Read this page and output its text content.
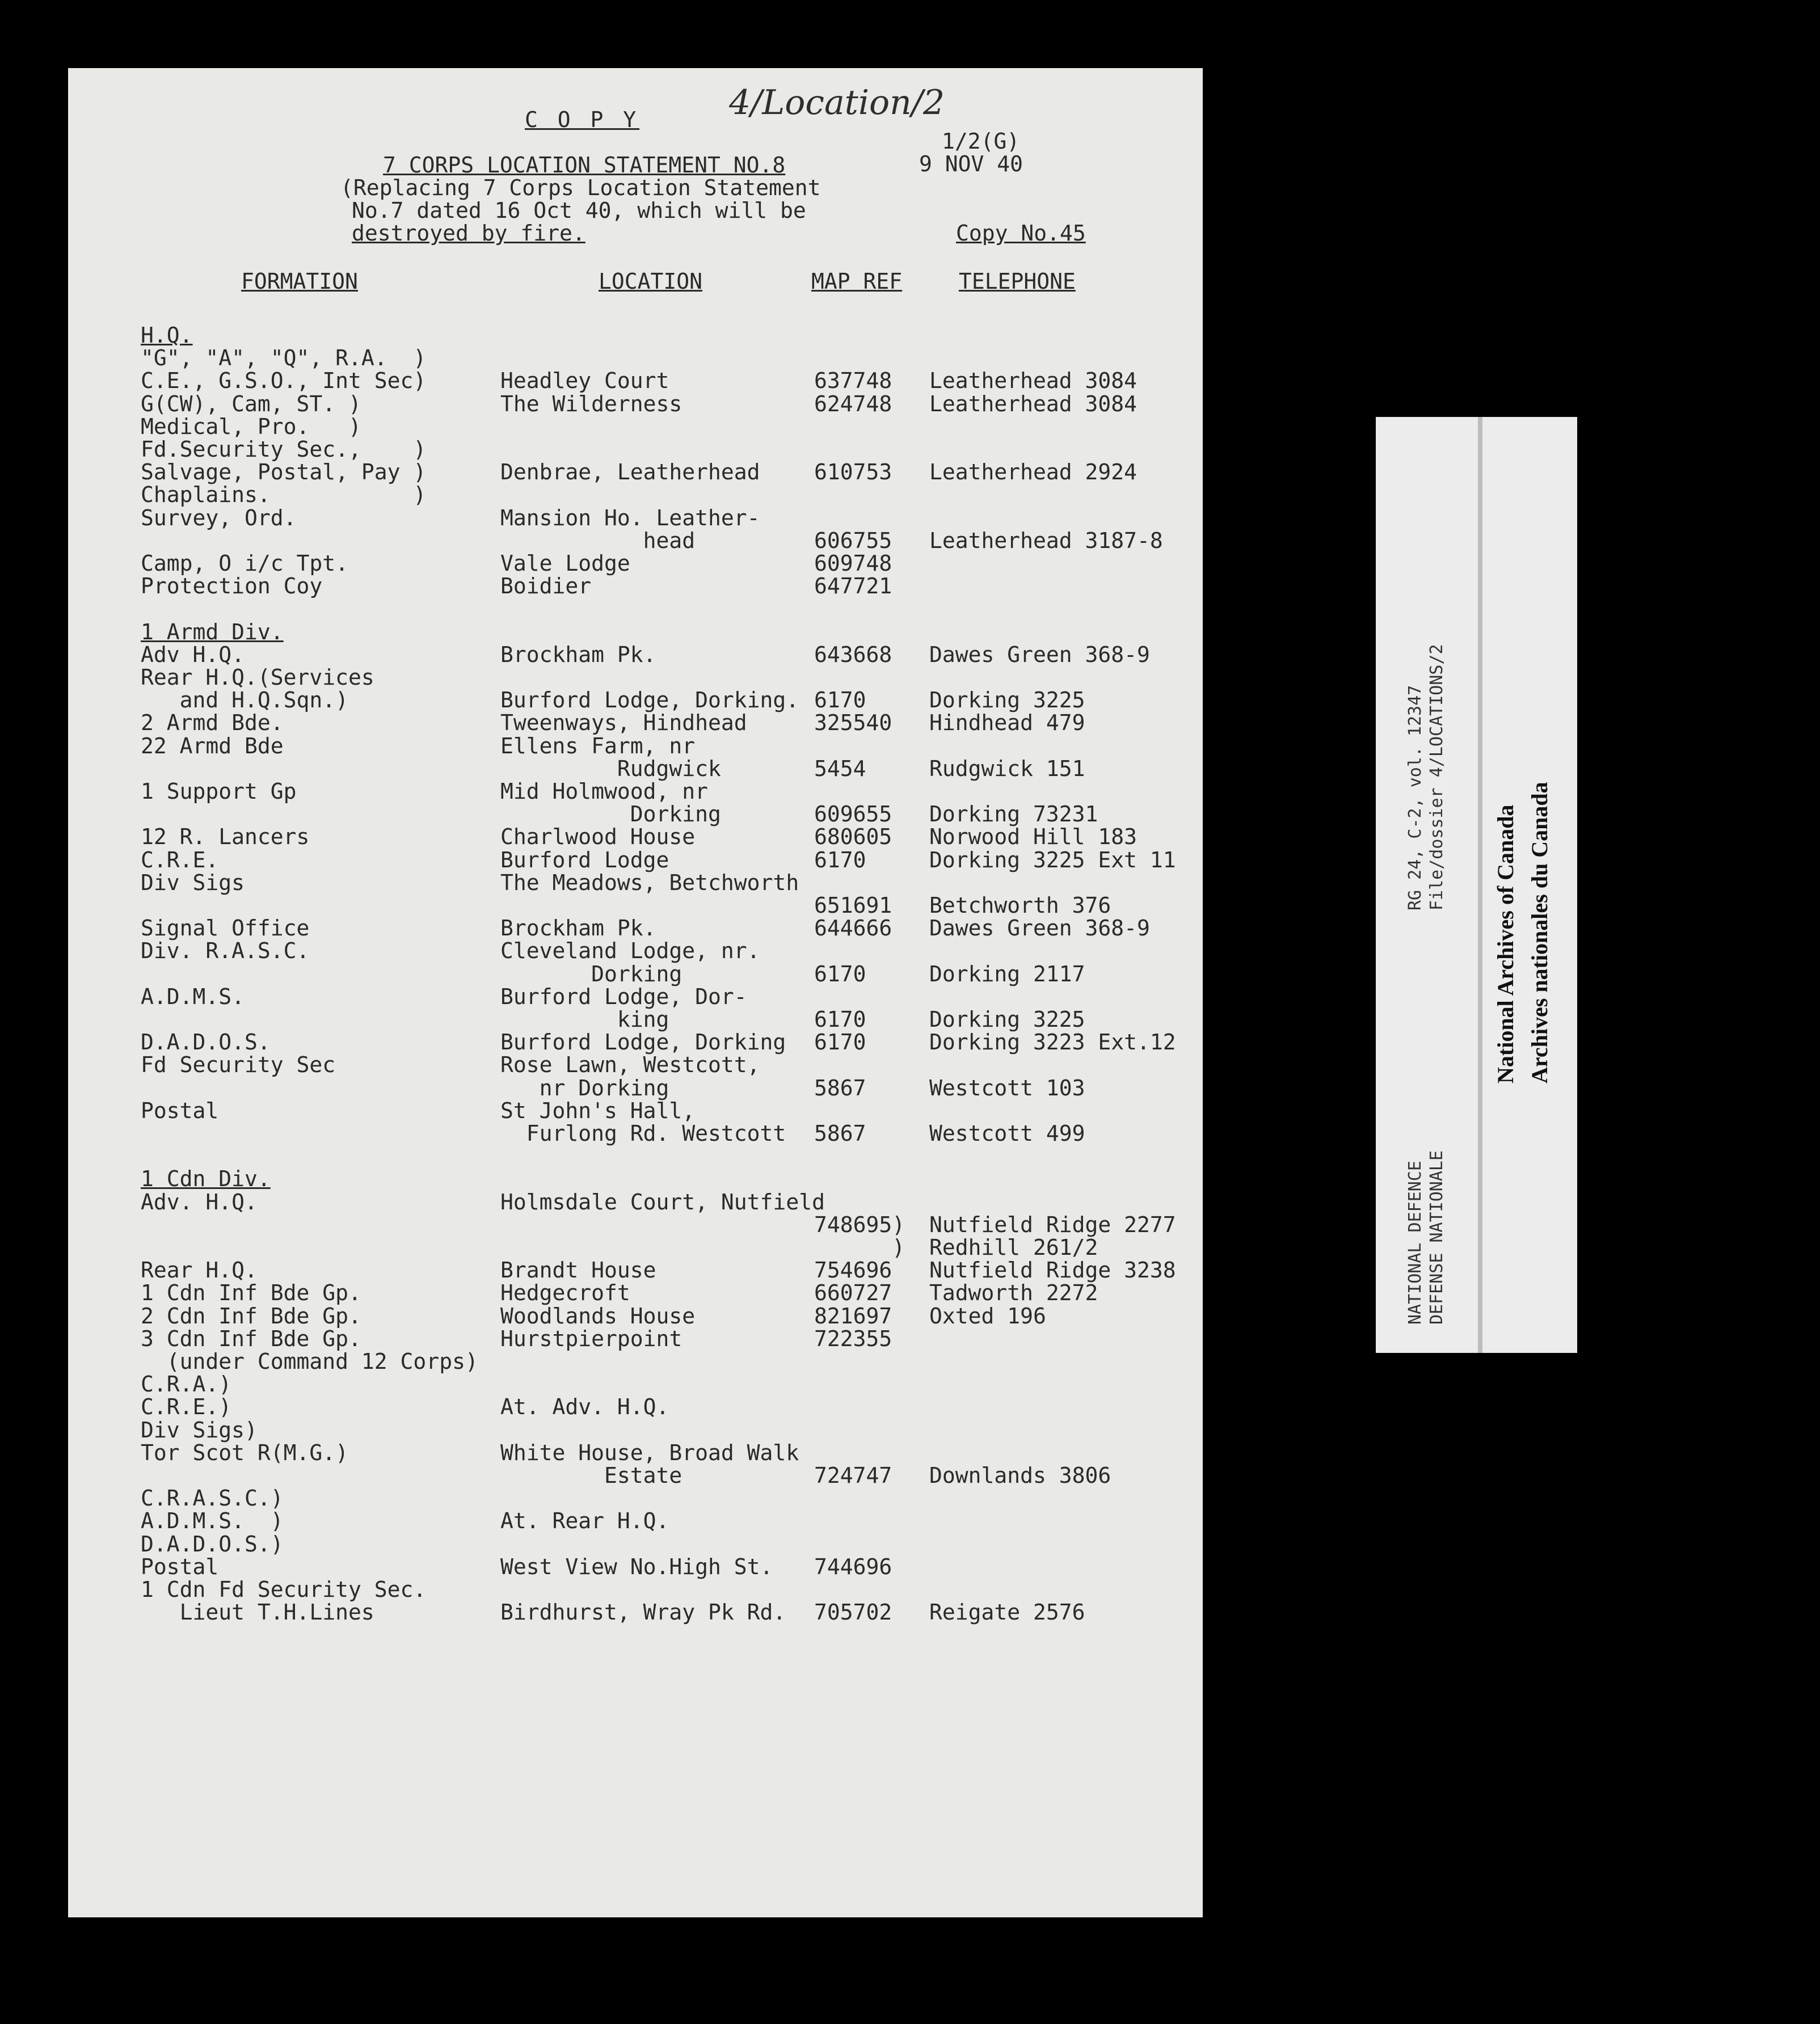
C O P Y	4/Location/2
1/2(G)
9 NOV 40
7 CORPS LOCATION STATEMENT NO.8
(Replacing 7 Corps Location Statement
No.7 dated 16 Oct 40, which will be
destroyed by fire.	Copy No.45
FORMATION	LOCATION	MAP REF	TELEPHONE
H.Q.
"G", "A", "Q", R.A.  )
C.E., G.S.O., Int Sec)	Headley Court	637748 Leatherhead 3084
G(CW), Cam, ST. )	The Wilderness	624748 Leatherhead 3084
Medical, Pro.   )
Fd.Security Sec.,    )
Salvage, Postal, Pay )	Denbrae, Leatherhead	610753 Leatherhead 2924
Chaplains.           )
Survey, Ord.	Mansion Ho. Leather-
head	606755 Leatherhead 3187-8
Camp, O i/c Tpt.	Vale Lodge	609748
Protection Coy	Boidier	647721
1 Armd Div.
Adv H.Q.	Brockham Pk.	643668 Dawes Green 368-9
Rear H.Q.(Services
and H.Q.Sqn.)	Burford Lodge, Dorking. 6170	Dorking 3225
2 Armd Bde.	Tweenways, Hindhead	325540 Hindhead 479
22 Armd Bde	Ellens Farm, nr
Rudgwick	5454	Rudgwick 151
1 Support Gp	Mid Holmwood, nr
Dorking	609655 Dorking 73231
12 R. Lancers	Charlwood House	680605 Norwood Hill 183
C.R.E.	Burford Lodge	6170	Dorking 3225 Ext 11
Div Sigs	The Meadows, Betchworth
651691 Betchworth 376
Signal Office	Brockham Pk.	644666 Dawes Green 368-9
Div. R.A.S.C.	Cleveland Lodge, nr.
Dorking	6170	Dorking 2117
A.D.M.S.	Burford Lodge, Dor-
king	6170	Dorking 3225
D.A.D.O.S.	Burford Lodge, Dorking 6170	Dorking 3223 Ext.12
Fd Security Sec	Rose Lawn, Westcott,
nr Dorking	5867	Westcott 103
Postal	St John's Hall,
Furlong Rd. Westcott 5867	Westcott 499
1 Cdn Div.
Adv. H.Q.	Holmsdale Court, Nutfield
748695) Nutfield Ridge 2277
) Redhill 261/2
Rear H.Q.	Brandt House	754696 Nutfield Ridge 3238
1 Cdn Inf Bde Gp.	Hedgecroft	660727 Tadworth 2272
2 Cdn Inf Bde Gp.	Woodlands House	821697 Oxted 196
3 Cdn Inf Bde Gp.	Hurstpierpoint	722355
(under Command 12 Corps)
C.R.A.)
C.R.E.)	At. Adv. H.Q.
Div Sigs)
Tor Scot R(M.G.)	White House, Broad Walk
Estate	724747 Downlands 3806
C.R.A.S.C.)
A.D.M.S.  )	At. Rear H.Q.
D.A.D.O.S.)
Postal	West View No.High St. 744696
1 Cdn Fd Security Sec.
Lieut T.H.Lines	Birdhurst, Wray Pk Rd. 705702 Reigate 2576
NATIONAL DEFENCE DEFENSE NATIONALE
RG 24, C-2, vol. 12347 File/dossier 4/LOCATIONS/2
National Archives of Canada Archives nationales du Canada
